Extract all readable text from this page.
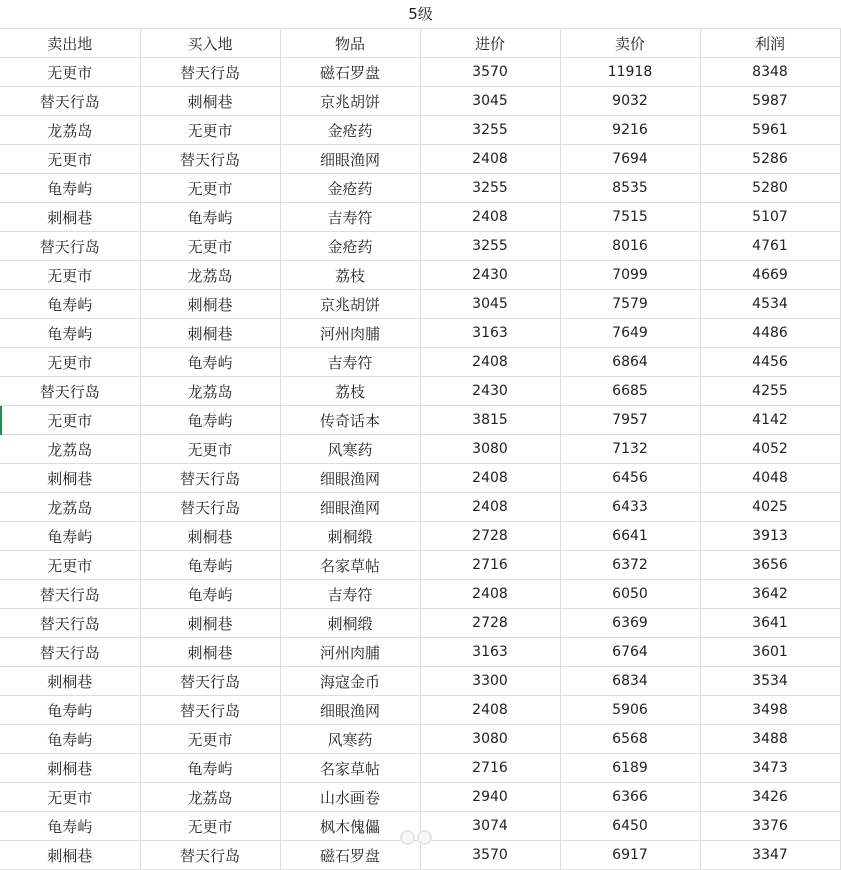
5级
卖出地	买入地	物品	进价	卖价	利润
无更市	替天行岛	磁石罗盘	3570	11918	8348
替天行岛	刺桐巷	京兆胡饼	3045	9032	5987
龙荔岛	无更市	金疮药	3255	9216	5961
无更市	替天行岛	细眼渔网	2408	7694	5286
龟寿屿	无更市	金疮药	3255	8535	5280
刺桐巷	龟寿屿	吉寿符	2408	7515	5107
替天行岛	无更市	金疮药	3255	8016	4761
无更市	龙荔岛	荔枝	2430	7099	4669
龟寿屿	刺桐巷	京兆胡饼	3045	7579	4534
龟寿屿	刺桐巷	河州肉脯	3163	7649	4486
无更市	龟寿屿	吉寿符	2408	6864	4456
替天行岛	龙荔岛	荔枝	2430	6685	4255
无更市	龟寿屿	传奇话本	3815	7957	4142
龙荔岛	无更市	风寒药	3080	7132	4052
刺桐巷	替天行岛	细眼渔网	2408	6456	4048
龙荔岛	替天行岛	细眼渔网	2408	6433	4025
龟寿屿	刺桐巷	刺桐缎	2728	6641	3913
无更市	龟寿屿	名家草帖	2716	6372	3656
替天行岛	龟寿屿	吉寿符	2408	6050	3642
替天行岛	刺桐巷	刺桐缎	2728	6369	3641
替天行岛	刺桐巷	河州肉脯	3163	6764	3601
刺桐巷	替天行岛	海寇金币	3300	6834	3534
龟寿屿	替天行岛	细眼渔网	2408	5906	3498
龟寿屿	无更市	风寒药	3080	6568	3488
刺桐巷	龟寿屿	名家草帖	2716	6189	3473
无更市	龙荔岛	山水画卷	2940	6366	3426
龟寿屿	无更市	枫木傀儡	3074	6450	3376
刺桐巷	替天行岛	磁石罗盘	3570	6917	3347
